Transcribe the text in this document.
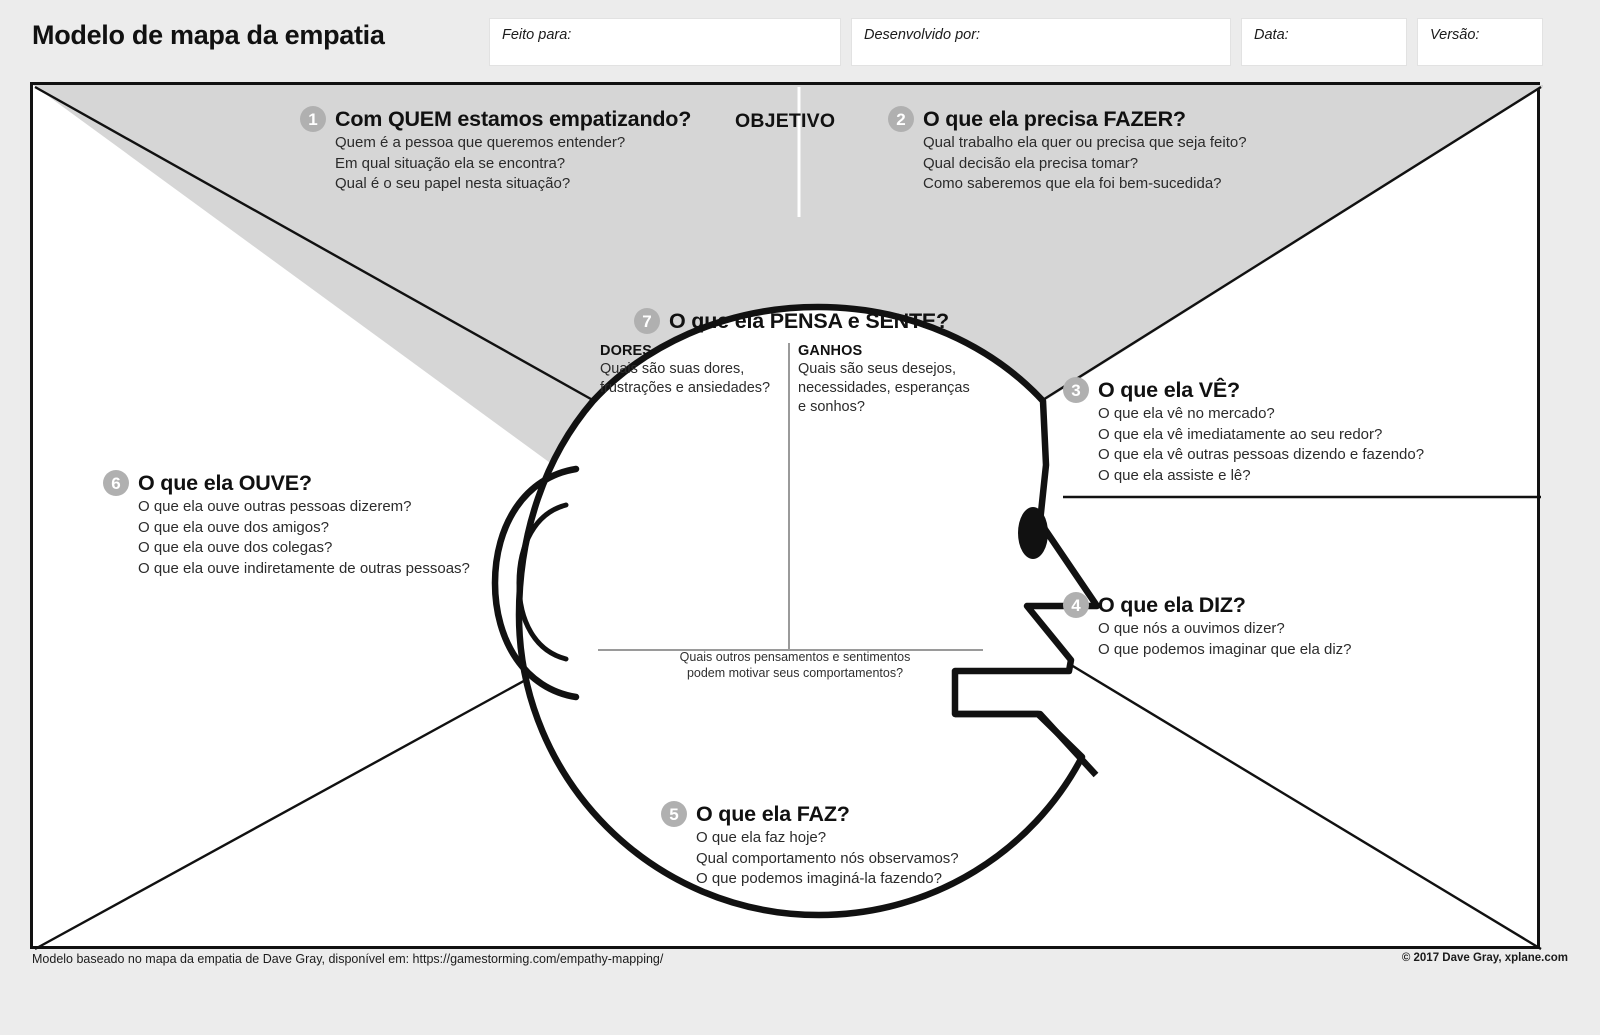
Modelo de mapa da empatia	Feito para:	Desenvolvido por:	Data:	Versão:
1 Com QUEM estamos empatizando?
Quem é a pessoa que queremos entender?
Em qual situação ela se encontra?
Qual é o seu papel nesta situação?
OBJETIVO	2 O que ela precisa FAZER?
Qual trabalho ela quer ou precisa que seja feito?
Qual decisão ela precisa tomar?
Como saberemos que ela foi bem-sucedida?
3 O que ela VÊ?
O que ela vê no mercado?
O que ela vê imediatamente ao seu redor?
O que ela vê outras pessoas dizendo e fazendo?
O que ela assiste e lê?
4 O que ela DIZ?
O que nós a ouvimos dizer?
O que podemos imaginar que ela diz?
5 O que ela FAZ?
O que ela faz hoje?
Qual comportamento nós observamos?
O que podemos imaginá-la fazendo?
6 O que ela OUVE?
O que ela ouve outras pessoas dizerem?
O que ela ouve dos amigos?
O que ela ouve dos colegas?
O que ela ouve indiretamente de outras pessoas?
7 O que ela PENSA e SENTE?
DORES
Quais são suas dores,
frustrações e ansiedades?
GANHOS
Quais são seus desejos,
necessidades, esperanças
e sonhos?
Quais outros pensamentos e sentimentos
podem motivar seus comportamentos?
Modelo baseado no mapa da empatia de Dave Gray, disponível em: https://gamestorming.com/empathy-mapping/	© 2017 Dave Gray, xplane.com
